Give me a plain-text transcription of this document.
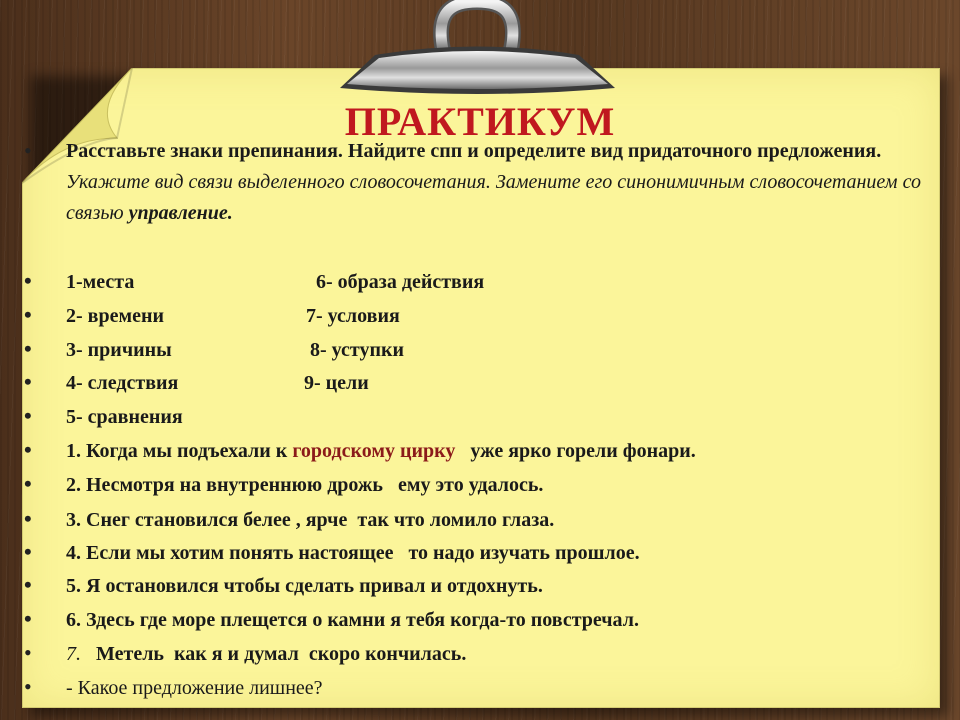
ПРАКТИКУМ
•	Расставьте знаки препинания. Найдите спп и определите вид придаточного предложения. Укажите вид связи выделенного словосочетания. Замените его синонимичным словосочетанием со связью управление.
•	1-места	6- образа действия
•	2- времени	7- условия
•	3- причины	8- уступки
•	4- следствия	9- цели
•	5- сравнения
•	1. Когда мы подъехали к городскому цирку   уже ярко горели фонари.
•	2. Несмотря на внутреннюю дрожь   ему это удалось.
•	3. Снег становился белее , ярче  так что ломило глаза.
•	4. Если мы хотим понять настоящее   то надо изучать прошлое.
•	5. Я остановился чтобы сделать привал и отдохнуть.
•	6. Здесь где море плещется о камни я тебя когда-то повстречал.
•	7.   Метель  как я и думал  скоро кончилась.
•	- Какое предложение лишнее?
